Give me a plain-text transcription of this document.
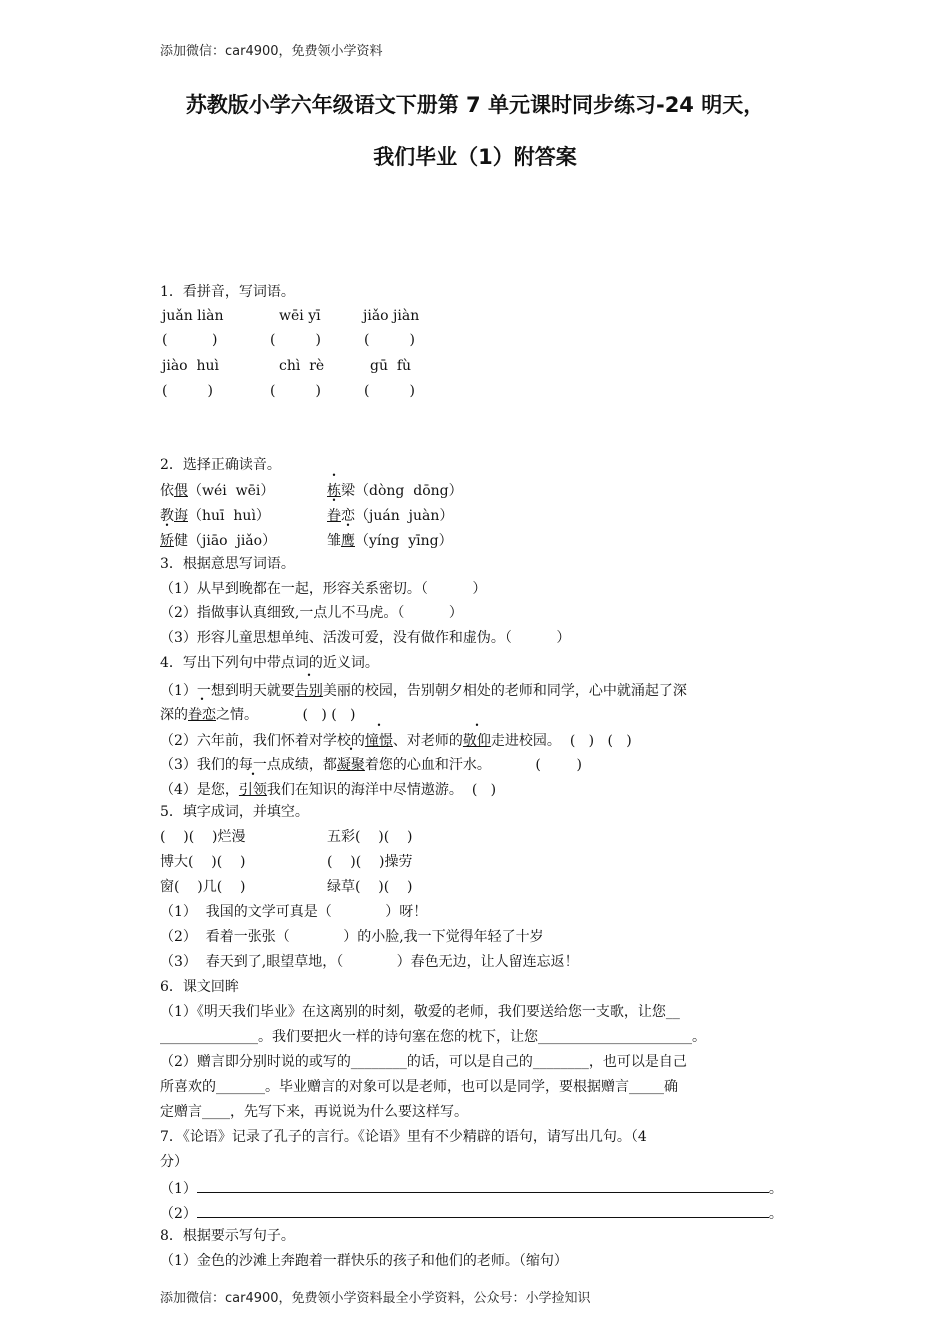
添加微信：car4900，免费领小学资料
苏教版小学六年级语文下册第 7 单元课时同步练习-24 明天，
我们毕业（1）附答案
1．看拼音，写词语。
juǎn liàn	wēi yī	jiǎo jiàn
(          )	(         )	(         )
jiào  huì	chì  rè	gū  fù
(         )	(         )	(         )
2．选择正确读音。
依偎（wéi  wēi）	栋梁（dòng  dōng）
教诲（huī  huì）	眷恋（juán  juàn）
矫健（jiāo  jiǎo）	雏鹰（yíng  yīng）
3．根据意思写词语。
（1）从早到晚都在一起，形容关系密切。（          ）
（2）指做事认真细致,一点儿不马虎。（          ）
（3）形容儿童思想单纯、活泼可爱，没有做作和虚伪。（          ）
4．写出下列句中带点词的近义词。
（1）一想到明天就要告别美丽的校园，告别朝夕相处的老师和同学，心中就涌起了深
深的眷恋之情。          (   ) (   )
（2）六年前，我们怀着对学校的憧憬、对老师的敬仰走进校园。  (   )   (   )
（3）我们的每一点成绩，都凝聚着您的心血和汗水。          (        )
（4）是您，引领我们在知识的海洋中尽情遨游。  (   )
5．填字成词，并填空。
(    )(    )烂漫	五彩(    )(    )
博大(    )(    )	(    )(    )操劳
窗(    )几(    )	绿草(    )(    )
（1）  我国的文学可真是（            ）呀！
（2）  看着一张张（            ）的小脸,我一下觉得年轻了十岁
（3）  春天到了,眼望草地，（            ）春色无边，让人留连忘返！
6．课文回眸
（1）《明天我们毕业》在这离别的时刻，敬爱的老师，我们要送给您一支歌，让您__
______________。我们要把火一样的诗句塞在您的枕下，让您______________________。
（2）赠言即分别时说的或写的________的话，可以是自己的________，也可以是自己
所喜欢的_______。毕业赠言的对象可以是老师，也可以是同学，要根据赠言_____确
定赠言____，先写下来，再说说为什么要这样写。
7．《论语》记录了孔子的言行。《论语》里有不少精辟的语句，请写出几句。（4
分）
（1）	。
（2）	。
8．根据要示写句子。
（1）金色的沙滩上奔跑着一群快乐的孩子和他们的老师。（缩句）
添加微信：car4900，免费领小学资料最全小学资料，公众号：小学捡知识
